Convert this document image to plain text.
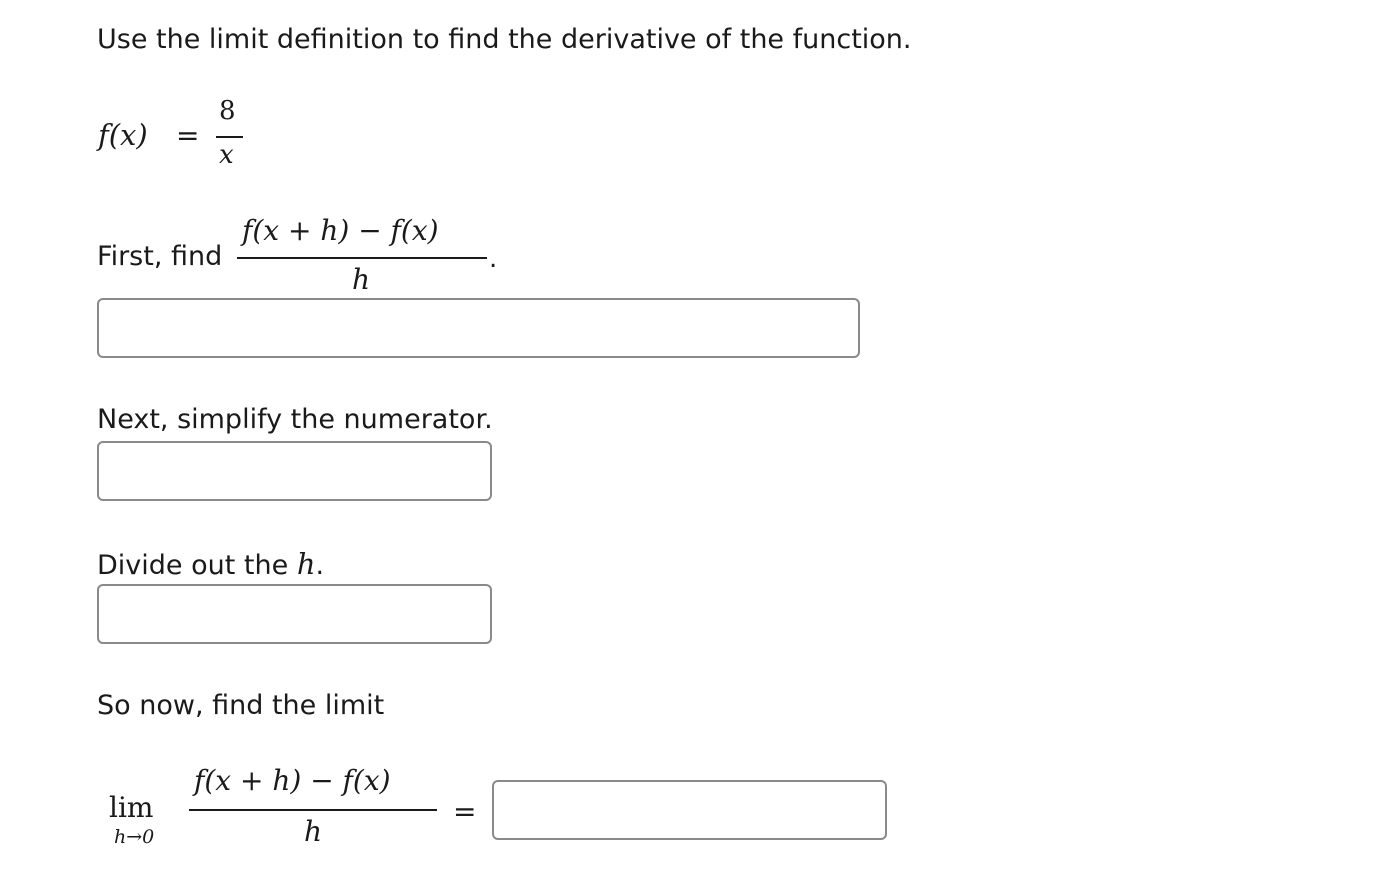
Use the limit definition to find the derivative of the function.
f(x) =
8
x
First, find
f(x + h) − f(x)
h
.
Next, simplify the numerator.
Divide out the h.
So now, find the limit
lim
h→0
f(x + h) − f(x)
h
=
